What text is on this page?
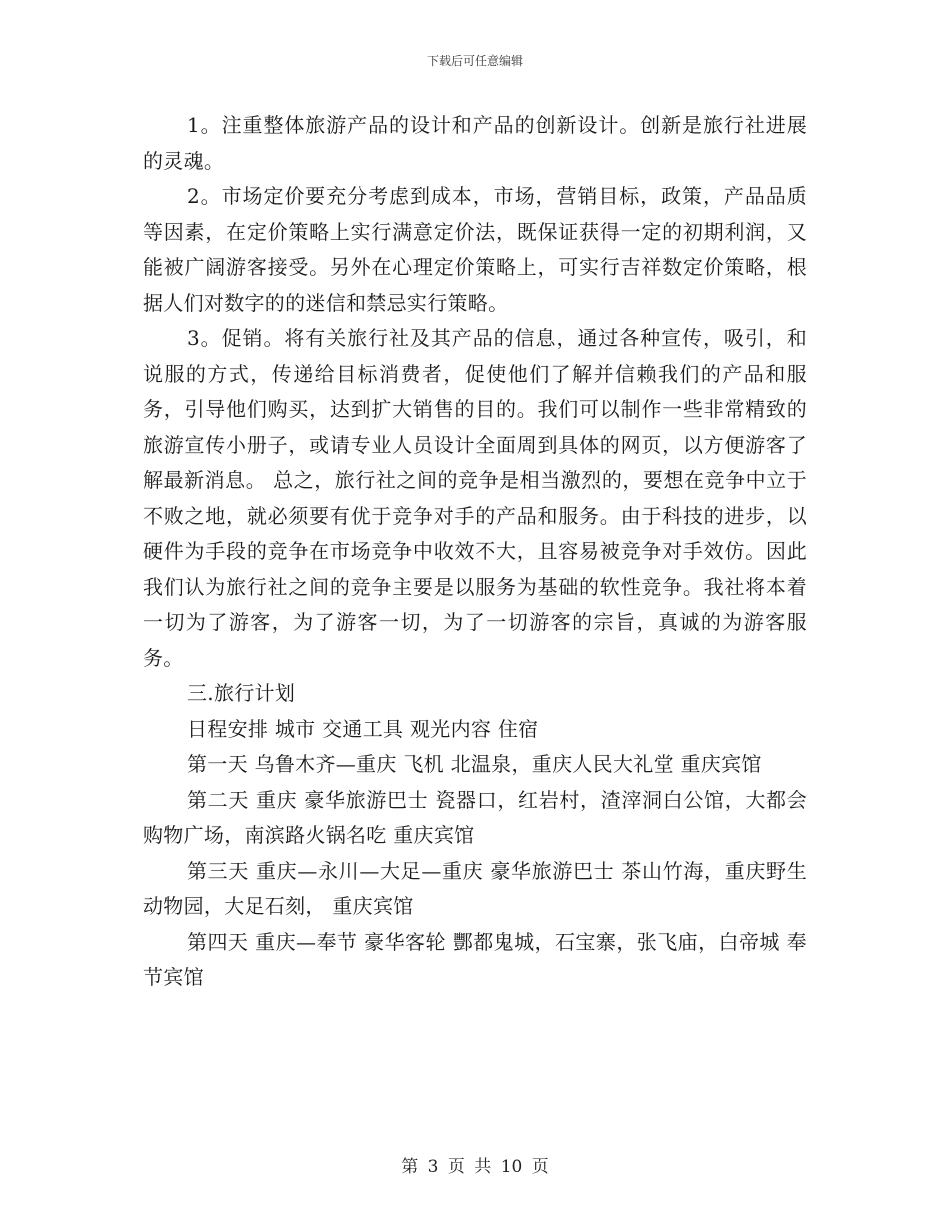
下载后可任意编辑

1。注重整体旅游产品的设计和产品的创新设计。创新是旅行社进展的灵魂。

2。市场定价要充分考虑到成本，市场，营销目标，政策，产品品质等因素，在定价策略上实行满意定价法，既保证获得一定的初期利润，又能被广阔游客接受。另外在心理定价策略上，可实行吉祥数定价策略，根据人们对数字的的迷信和禁忌实行策略。

3。促销。将有关旅行社及其产品的信息，通过各种宣传，吸引，和说服的方式，传递给目标消费者，促使他们了解并信赖我们的产品和服务，引导他们购买，达到扩大销售的目的。我们可以制作一些非常精致的旅游宣传小册子，或请专业人员设计全面周到具体的网页，以方便游客了解最新消息。 总之，旅行社之间的竞争是相当激烈的，要想在竞争中立于不败之地，就必须要有优于竞争对手的产品和服务。由于科技的进步，以硬件为手段的竞争在市场竞争中收效不大，且容易被竞争对手效仿。因此我们认为旅行社之间的竞争主要是以服务为基础的软性竞争。我社将本着一切为了游客，为了游客一切，为了一切游客的宗旨，真诚的为游客服务。

三.旅行计划

日程安排 城市 交通工具 观光内容 住宿

第一天 乌鲁木齐—重庆 飞机 北温泉，重庆人民大礼堂 重庆宾馆

第二天 重庆 豪华旅游巴士 瓷器口，红岩村，渣滓洞白公馆，大都会购物广场，南滨路火锅名吃 重庆宾馆

第三天 重庆—永川—大足—重庆 豪华旅游巴士 茶山竹海，重庆野生动物园，大足石刻， 重庆宾馆

第四天 重庆—奉节 豪华客轮 酆都鬼城，石宝寨，张飞庙，白帝城 奉节宾馆

第 3 页 共 10 页
